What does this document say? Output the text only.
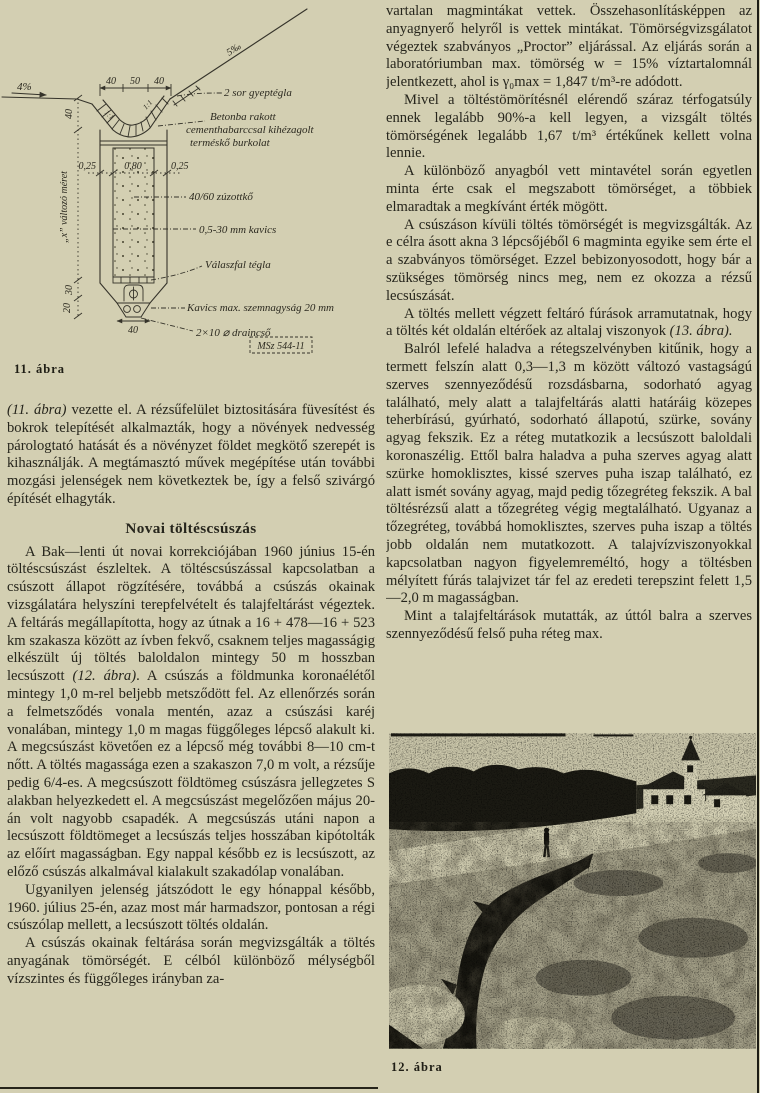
4%	40 50 40
1:1
1:1
5‰
2 sor gyeptégla
Betonba rakott
cementhabarccsal kihézagolt
terméskő burkolat
0,25	0,80	0,25
40/60 zúzottkő
0,5-30 mm kavics
Válaszfal tégla
Kavics max. szemnagyság 20 mm
2×10 ⌀ draincső
MSz 544-11
40
„x” változó méret
30
20
40
11. ábra

(11. ábra) vezette el. A rézsűfelület biztositására füvesítést és bokrok telepítését alkalmazták, hogy a növények nedvesség párologtató hatását és a növényzet földet megkötő szerepét is kihasználják. A megtámasztó művek megépítése után további mozgási jelenségek nem következtek be, így a felső szivárgó építését elhagyták.

Novai töltéscsúszás

A Bak—lenti út novai korrekciójában 1960 június 15-én töltéscsúszást észleltek. A töltéscsúszással kapcsolatban a csúszott állapot rögzítésére, továbbá a csúszás okainak vizsgálatára helyszíni terepfelvételt és talajfeltárást végeztek. A feltárás megállapította, hogy az útnak a 16 + 478—16 + 523 km szakasza között az ívben fekvő, csaknem teljes magasságig elkészült új töltés baloldalon mintegy 50 m hosszban lecsúszott (12. ábra). A csúszás a földmunka koronaélétől mintegy 1,0 m-rel beljebb metsződött fel. Az ellenőrzés során a felmetsződés vonala mentén, azaz a csúszási karéj vonalában, mintegy 1,0 m magas függőleges lépcső alakult ki. A megcsúszást követően ez a lépcső még további 8—10 cm-t nőtt. A töltés magassága ezen a szakaszon 7,0 m volt, a rézsűje pedig 6/4-es. A megcsúszott földtömeg csúszásra jellegzetes S alakban helyezkedett el. A megcsúszást megelőzően május 20-án volt nagyobb csapadék. A megcsúszás utáni napon a lecsúszott földtömeget a lecsúszás teljes hosszában kipótolták az előírt magasságban. Egy nappal később ez is lecsúszott, az előző csúszás alkalmával kialakult szakadólap vonalában.

Ugyanilyen jelenség játszódott le egy hónappal később, 1960. július 25-én, azaz most már harmadszor, pontosan a régi csúszólap mellett, a lecsúszott töltés oldalán.

A csúszás okainak feltárása során megvizsgálták a töltés anyagának tömörségét. E célból különböző mélységből vízszintes és függőleges irányban za-

vartalan magmintákat vettek. Összehasonlításképpen az anyagnyerő helyről is vettek mintákat. Tömörségvizsgálatot végeztek szabványos „Proctor” eljárással. Az eljárás során a laboratóriumban max. tömörség w = 15% víztartalomnál jelentkezett, ahol is γ₀max = 1,847 t/m³-re adódott.

Mivel a töltéstömörítésnél elérendő száraz térfogatsúly ennek legalább 90%-a kell legyen, a vizsgált töltés tömörségének legalább 1,67 t/m³ értékűnek kellett volna lennie.

A különböző anyagból vett mintavétel során egyetlen minta érte csak el megszabott tömörséget, a többiek elmaradtak a megkívánt érték mögött.

A csúszáson kívüli töltés tömörségét is megvizsgálták. Az e célra ásott akna 3 lépcsőjéből 6 magminta egyike sem érte el a szabványos tömörséget. Ezzel bebizonyosodott, hogy bár a szükséges tömörség nincs meg, nem ez okozza a rézsű lecsúszását.

A töltés mellett végzett feltáró fúrások arramutatnak, hogy a töltés két oldalán eltérőek az altalaj viszonyok (13. ábra).

Balról lefelé haladva a rétegszelvényben kitűnik, hogy a termett felszín alatt 0,3—1,3 m között változó vastagságú szerves szennyeződésű rozsdásbarna, sodorható agyag található, mely alatt a talajfeltárás alatti határáig közepes teherbírású, gyúrható, sodorható állapotú, szürke, sovány agyag fekszik. Ez a réteg mutatkozik a lecsúszott baloldali koronaszélig. Ettől balra haladva a puha szerves agyag alatt szürke homoklisztes, kissé szerves puha iszap található, ez alatt ismét sovány agyag, majd pedig tőzegréteg fekszik. A bal töltésrézsű alatt a tőzegréteg végig megtalálható. Ugyanaz a tőzegréteg, továbbá homoklisztes, szerves puha iszap a töltés jobb oldalán nem mutatkozott. A talajvízviszonyokkal kapcsolatban nagyon figyelemreméltó, hogy a töltésben mélyített fúrás talajvizet tár fel az eredeti terepszint felett 1,5—2,0 m magasságban.

Mint a talajfeltárások mutatták, az úttól balra a szerves szennyeződésű felső puha réteg max.

12. ábra
